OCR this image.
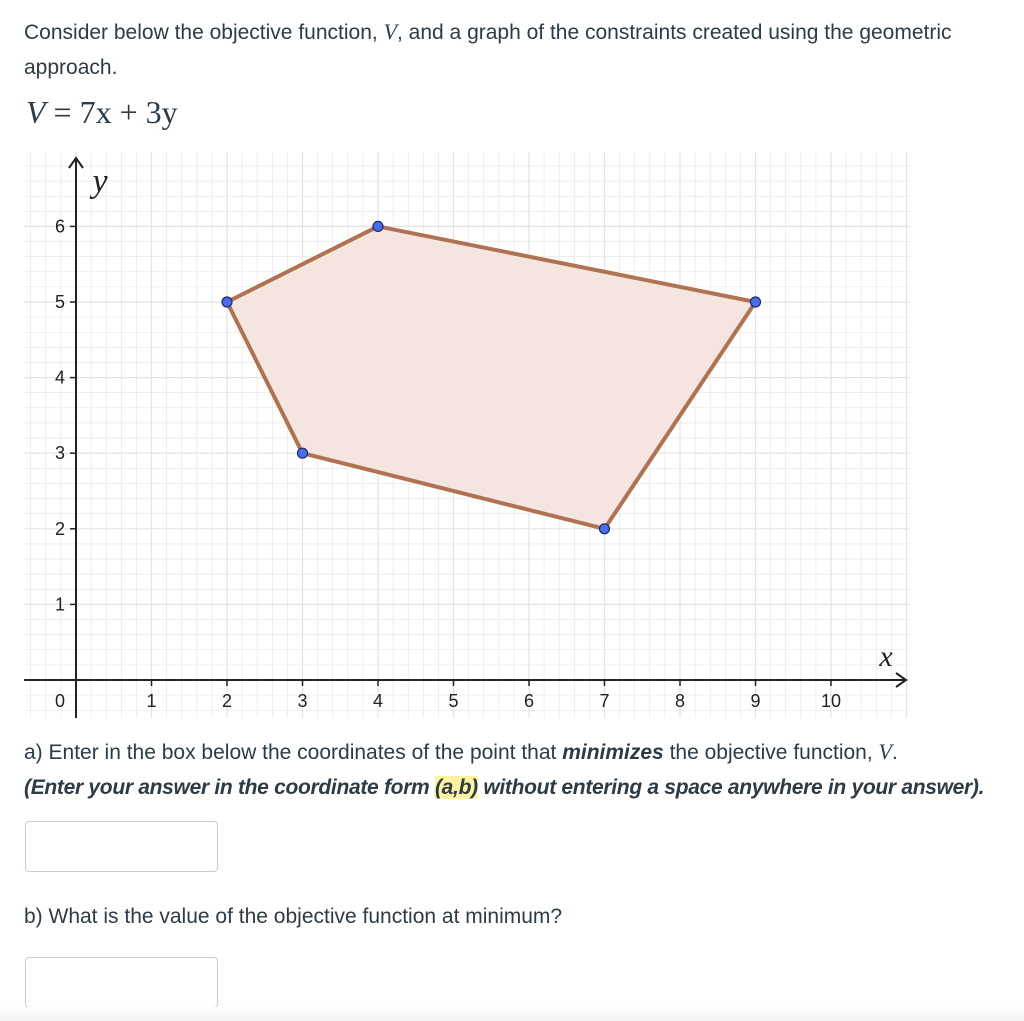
Consider below the objective function, V, and a graph of the constraints created using the geometric approach.

V = 7x + 3y

1	2	3	4	5	6	7	8	9	10
1
2
3
4
5
6
0
x
y
a) Enter in the box below the coordinates of the point that minimizes the objective function, V.
(Enter your answer in the coordinate form (a,b) without entering a space anywhere in your answer).

b) What is the value of the objective function at minimum?
